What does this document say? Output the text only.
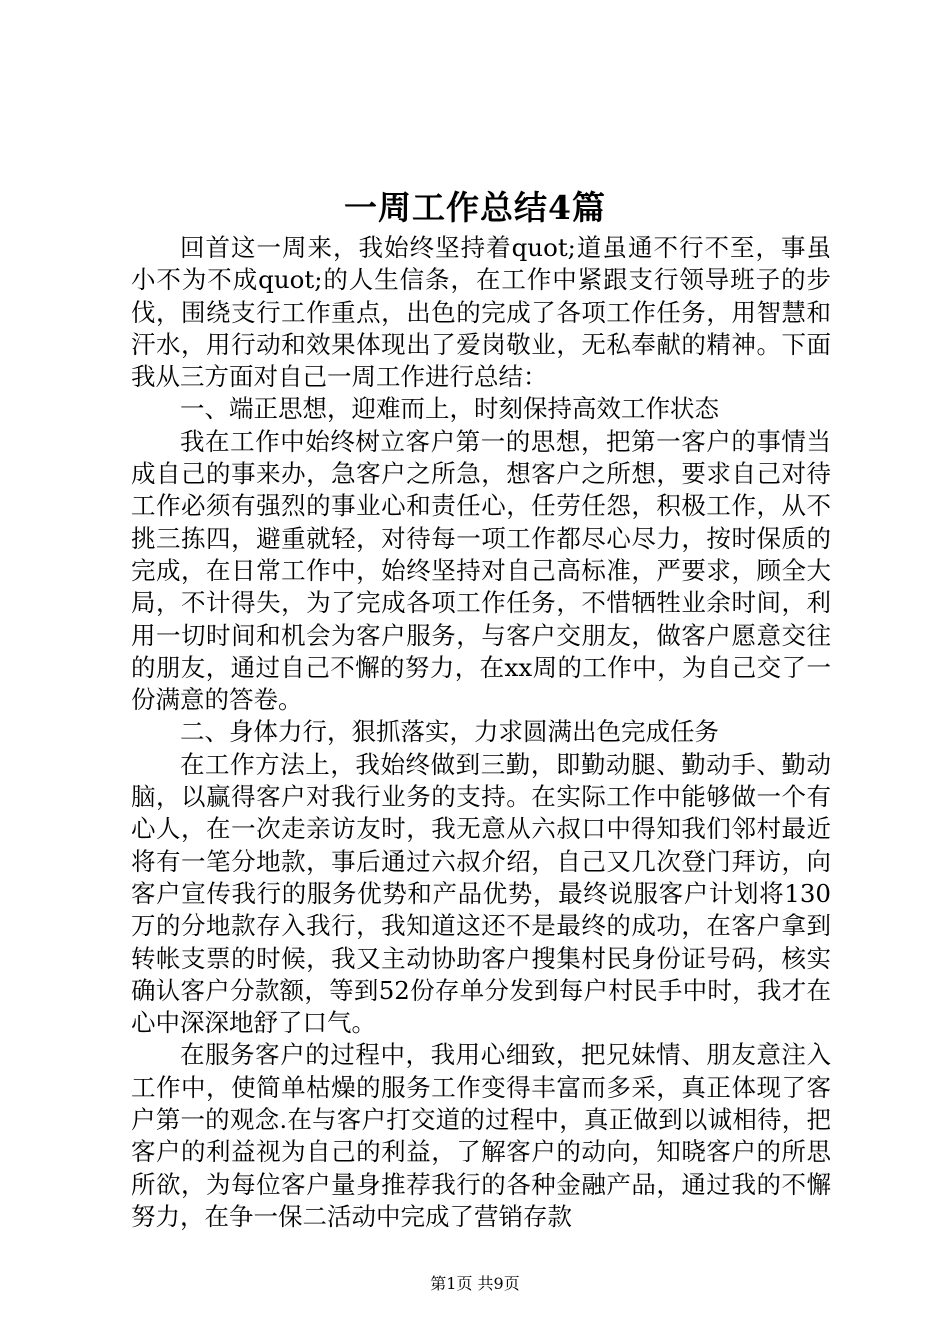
一周工作总结4篇

回首这一周来，我始终坚持着quot;道虽通不行不至，事虽小不为不成quot;的人生信条，在工作中紧跟支行领导班子的步伐，围绕支行工作重点，出色的完成了各项工作任务，用智慧和汗水，用行动和效果体现出了爱岗敬业，无私奉献的精神。下面我从三方面对自己一周工作进行总结：

一、端正思想，迎难而上，时刻保持高效工作状态

我在工作中始终树立客户第一的思想，把第一客户的事情当成自己的事来办，急客户之所急，想客户之所想，要求自己对待工作必须有强烈的事业心和责任心，任劳任怨，积极工作，从不挑三拣四，避重就轻，对待每一项工作都尽心尽力，按时保质的完成，在日常工作中，始终坚持对自己高标准，严要求，顾全大局，不计得失，为了完成各项工作任务，不惜牺牲业余时间，利用一切时间和机会为客户服务，与客户交朋友，做客户愿意交往的朋友，通过自己不懈的努力，在xx周的工作中，为自己交了一份满意的答卷。

二、身体力行，狠抓落实，力求圆满出色完成任务

在工作方法上，我始终做到三勤，即勤动腿、勤动手、勤动脑，以赢得客户对我行业务的支持。在实际工作中能够做一个有心人，在一次走亲访友时，我无意从六叔口中得知我们邻村最近将有一笔分地款，事后通过六叔介绍，自己又几次登门拜访，向客户宣传我行的服务优势和产品优势，最终说服客户计划将130万的分地款存入我行，我知道这还不是最终的成功，在客户拿到转帐支票的时候，我又主动协助客户搜集村民身份证号码，核实确认客户分款额，等到52份存单分发到每户村民手中时，我才在心中深深地舒了口气。

在服务客户的过程中，我用心细致，把兄妹情、朋友意注入工作中，使简单枯燥的服务工作变得丰富而多采，真正体现了客户第一的观念.在与客户打交道的过程中，真正做到以诚相待，把客户的利益视为自己的利益，了解客户的动向，知晓客户的所思所欲，为每位客户量身推荐我行的各种金融产品，通过我的不懈努力，在争一保二活动中完成了营销存款

第1页 共9页
